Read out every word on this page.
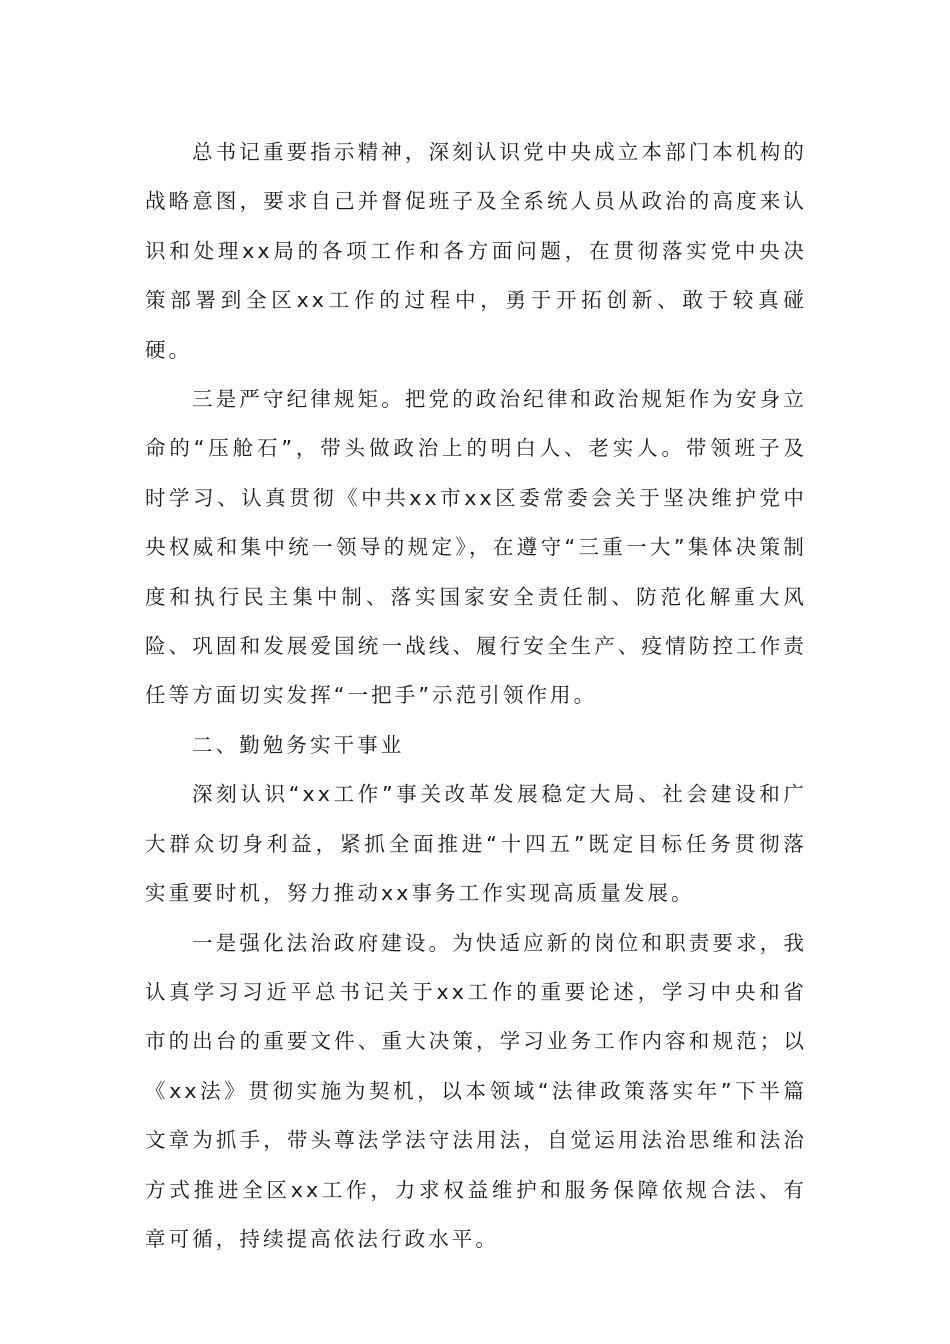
总书记重要指示精神，深刻认识党中央成立本部门本机构的战略意图，要求自己并督促班子及全系统人员从政治的高度来认识和处理xx局的各项工作和各方面问题，在贯彻落实党中央决策部署到全区xx工作的过程中，勇于开拓创新、敢于较真碰硬。

三是严守纪律规矩。把党的政治纪律和政治规矩作为安身立命的“压舱石”，带头做政治上的明白人、老实人。带领班子及时学习、认真贯彻《中共xx市xx区委常委会关于坚决维护党中央权威和集中统一领导的规定》，在遵守“三重一大”集体决策制度和执行民主集中制、落实国家安全责任制、防范化解重大风险、巩固和发展爱国统一战线、履行安全生产、疫情防控工作责任等方面切实发挥“一把手”示范引领作用。

二、勤勉务实干事业

深刻认识“xx工作”事关改革发展稳定大局、社会建设和广大群众切身利益，紧抓全面推进“十四五”既定目标任务贯彻落实重要时机，努力推动xx事务工作实现高质量发展。

一是强化法治政府建设。为快适应新的岗位和职责要求，我认真学习习近平总书记关于xx工作的重要论述，学习中央和省市的出台的重要文件、重大决策，学习业务工作内容和规范；以《xx法》贯彻实施为契机，以本领域“法律政策落实年”下半篇文章为抓手，带头尊法学法守法用法，自觉运用法治思维和法治方式推进全区xx工作，力求权益维护和服务保障依规合法、有章可循，持续提高依法行政水平。
